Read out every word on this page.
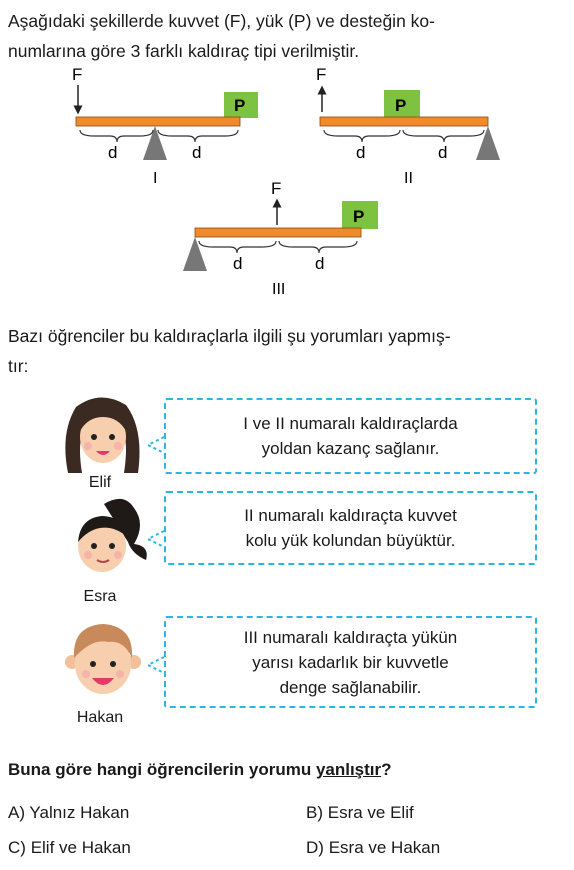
Aşağıdaki şekillerde kuvvet (F), yük (P) ve desteğin ko-
numlarına göre 3 farklı kaldıraç tipi verilmiştir.
F
P
d	d
I
F
P
d	d
II
F
P
d	d
III
Bazı öğrenciler bu kaldıraçlarla ilgili şu yorumları yapmış-
tır:
Elif
I ve II numaralı kaldıraçlarda
yoldan kazanç sağlanır.
Esra
II numaralı kaldıraçta kuvvet
kolu yük kolundan büyüktür.
Hakan
III numaralı kaldıraçta yükün
yarısı kadarlık bir kuvvetle
denge sağlanabilir.
Buna göre hangi öğrencilerin yorumu yanlıştır?
A) Yalnız Hakan	B) Esra ve Elif
C) Elif ve Hakan	D) Esra ve Hakan
